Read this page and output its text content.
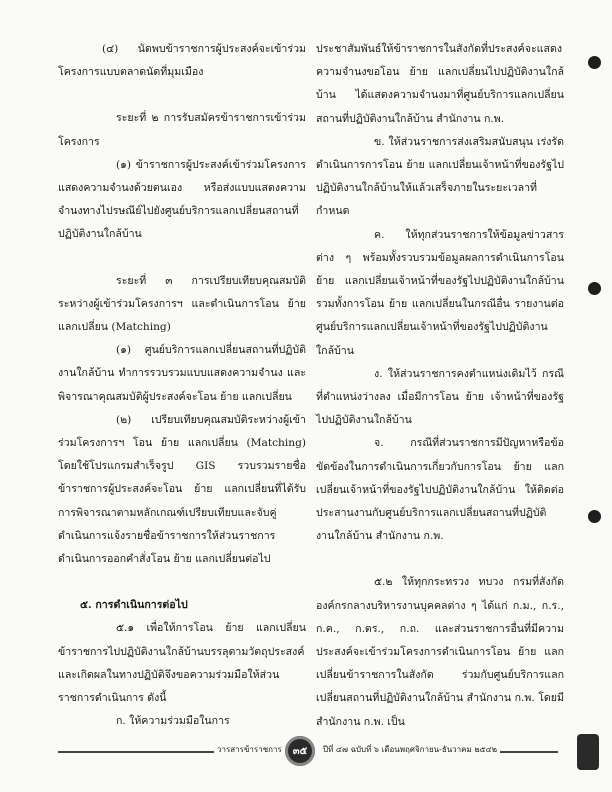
(๔) นัดพบข้าราชการผู้ประสงค์จะเข้าร่วมโครงการแบบตลาดนัดที่มุมเมือง

ระยะที่ ๒ การรับสมัครข้าราชการเข้าร่วมโครงการ

(๑) ข้าราชการผู้ประสงค์เข้าร่วมโครงการแสดงความจำนงด้วยตนเอง หรือส่งแบบแสดงความจำนงทางไปรษณีย์ไปยังศูนย์บริการแลกเปลี่ยนสถานที่ปฏิบัติงานใกล้บ้าน

ระยะที่ ๓ การเปรียบเทียบคุณสมบัติระหว่างผู้เข้าร่วมโครงการฯ และดำเนินการโอน ย้าย แลกเปลี่ยน (Matching)

(๑) ศูนย์บริการแลกเปลี่ยนสถานที่ปฏิบัติงานใกล้บ้าน ทำการรวบรวมแบบแสดงความจำนง และพิจารณาคุณสมบัติผู้ประสงค์จะโอน ย้าย แลกเปลี่ยน

(๒) เปรียบเทียบคุณสมบัติระหว่างผู้เข้าร่วมโครงการฯ โอน ย้าย แลกเปลี่ยน (Matching) โดยใช้โปรแกรมสำเร็จรูป GIS รวบรวมรายชื่อข้าราชการผู้ประสงค์จะโอน ย้าย แลกเปลี่ยนที่ได้รับการพิจารณาตามหลักเกณฑ์เปรียบเทียบและจับคู่ ดำเนินการแจ้งรายชื่อข้าราชการให้ส่วนราชการดำเนินการออกคำสั่งโอน ย้าย แลกเปลี่ยนต่อไป

๕. การดำเนินการต่อไป

๕.๑ เพื่อให้การโอน ย้าย แลกเปลี่ยนข้าราชการไปปฏิบัติงานใกล้บ้านบรรลุตามวัตถุประสงค์และเกิดผลในทางปฏิบัติจึงขอความร่วมมือให้ส่วนราชการดำเนินการ ดังนี้

ก. ให้ความร่วมมือในการ

ประชาสัมพันธ์ให้ข้าราชการในสังกัดที่ประสงค์จะแสดงความจำนงขอโอน ย้าย แลกเปลี่ยนไปปฏิบัติงานใกล้บ้าน ได้แสดงความจำนงมาที่ศูนย์บริการแลกเปลี่ยนสถานที่ปฏิบัติงานใกล้บ้าน สำนักงาน ก.พ.

ข. ให้ส่วนราชการส่งเสริมสนับสนุน เร่งรัดดำเนินการการโอน ย้าย แลกเปลี่ยนเจ้าหน้าที่ของรัฐไปปฏิบัติงานใกล้บ้านให้แล้วเสร็จภายในระยะเวลาที่กำหนด

ค. ให้ทุกส่วนราชการให้ข้อมูลข่าวสารต่าง ๆ พร้อมทั้งรวบรวมข้อมูลผลการดำเนินการโอน ย้าย แลกเปลี่ยนเจ้าหน้าที่ของรัฐไปปฏิบัติงานใกล้บ้าน รวมทั้งการโอน ย้าย แลกเปลี่ยนในกรณีอื่น รายงานต่อศูนย์บริการแลกเปลี่ยนเจ้าหน้าที่ของรัฐไปปฏิบัติงานใกล้บ้าน

ง. ให้ส่วนราชการคงตำแหน่งเดิมไว้ กรณีที่ตำแหน่งว่างลง เมื่อมีการโอน ย้าย เจ้าหน้าที่ของรัฐไปปฏิบัติงานใกล้บ้าน

จ. กรณีที่ส่วนราชการมีปัญหาหรือข้อขัดข้องในการดำเนินการเกี่ยวกับการโอน ย้าย แลกเปลี่ยนเจ้าหน้าที่ของรัฐไปปฏิบัติงานใกล้บ้าน ให้ติดต่อประสานงานกับศูนย์บริการแลกเปลี่ยนสถานที่ปฏิบัติงานใกล้บ้าน สำนักงาน ก.พ.

๕.๒ ให้ทุกกระทรวง ทบวง กรมที่สังกัดองค์กรกลางบริหารงานบุคคลต่าง ๆ ได้แก่ ก.ม., ก.ร., ก.ค., ก.ตร., ก.ถ. และส่วนราชการอื่นที่มีความประสงค์จะเข้าร่วมโครงการดำเนินการโอน ย้าย แลกเปลี่ยนข้าราชการในสังกัด ร่วมกับศูนย์บริการแลกเปลี่ยนสถานที่ปฏิบัติงานใกล้บ้าน สำนักงาน ก.พ. โดยมีสำนักงาน ก.พ. เป็น

วารสารข้าราชการ	๓๕	ปีที่ ๔๗ ฉบับที่ ๖ เดือนพฤศจิกายน-ธันวาคม ๒๕๔๒
